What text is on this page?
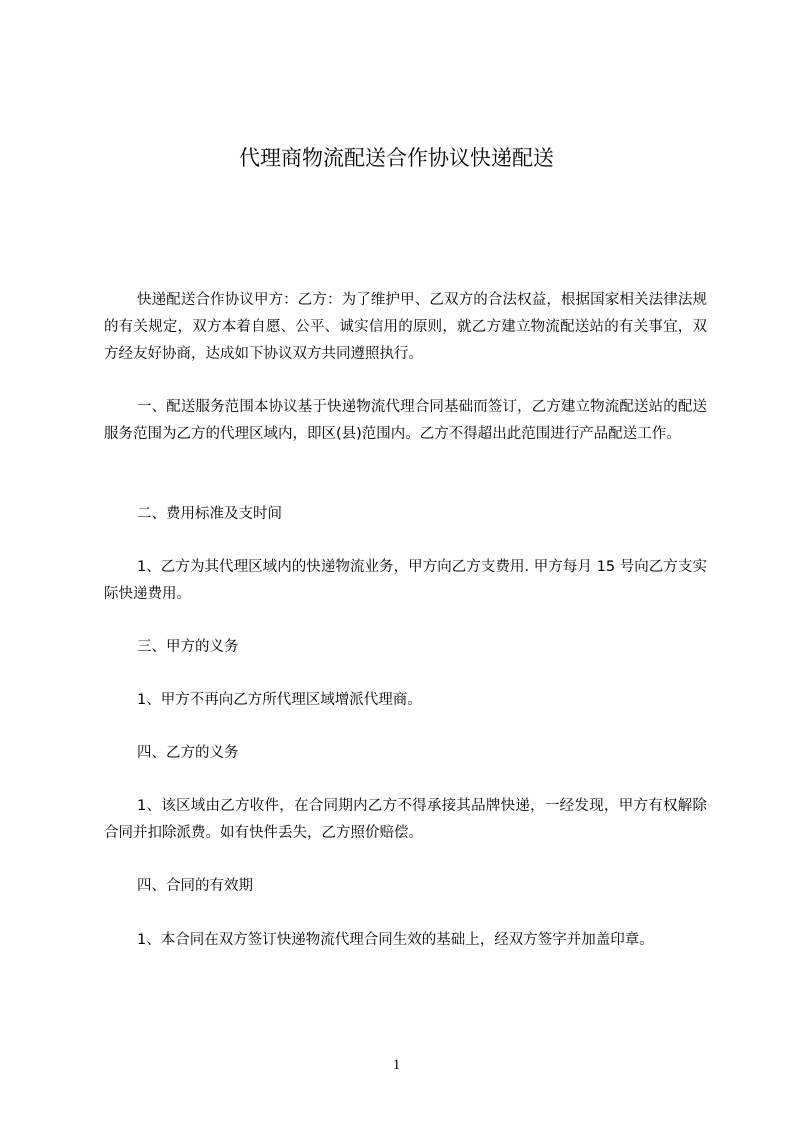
代理商物流配送合作协议快递配送

快递配送合作协议甲方：乙方：为了维护甲、乙双方的合法权益，根据国家相关法律法规的有关规定，双方本着自愿、公平、诚实信用的原则，就乙方建立物流配送站的有关事宜，双方经友好协商，达成如下协议双方共同遵照执行。

一、配送服务范围本协议基于快递物流代理合同基础而签订，乙方建立物流配送站的配送服务范围为乙方的代理区域内，即区(县)范围内。乙方不得超出此范围进行产品配送工作。

二、费用标准及支时间

1、乙方为其代理区域内的快递物流业务，甲方向乙方支费用. 甲方每月 15 号向乙方支实际快递费用。

三、甲方的义务

1、甲方不再向乙方所代理区域增派代理商。

四、乙方的义务

1、该区域由乙方收件，在合同期内乙方不得承接其品牌快递，一经发现，甲方有权解除合同并扣除派费。如有快件丢失，乙方照价赔偿。

四、合同的有效期

1、本合同在双方签订快递物流代理合同生效的基础上，经双方签字并加盖印章。

1
